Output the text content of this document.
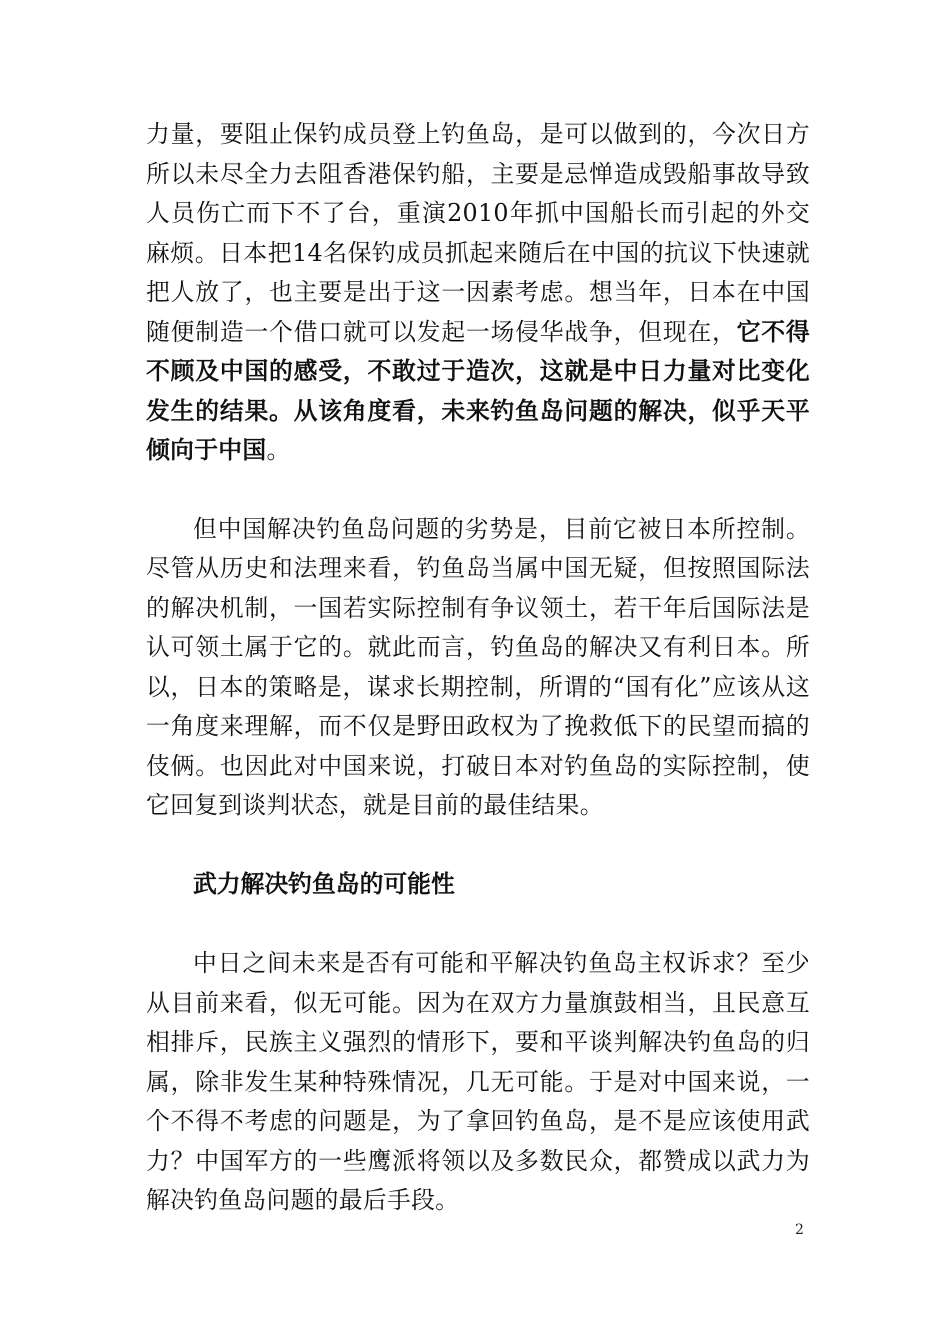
力量，要阻止保钓成员登上钓鱼岛，是可以做到的，今次日方所以未尽全力去阻香港保钓船，主要是忌惮造成毁船事故导致人员伤亡而下不了台，重演2010年抓中国船长而引起的外交麻烦。日本把14名保钓成员抓起来随后在中国的抗议下快速就把人放了，也主要是出于这一因素考虑。想当年，日本在中国随便制造一个借口就可以发起一场侵华战争，但现在，它不得不顾及中国的感受，不敢过于造次，这就是中日力量对比变化发生的结果。从该角度看，未来钓鱼岛问题的解决，似乎天平倾向于中国。

但中国解决钓鱼岛问题的劣势是，目前它被日本所控制。尽管从历史和法理来看，钓鱼岛当属中国无疑，但按照国际法的解决机制，一国若实际控制有争议领土，若干年后国际法是认可领土属于它的。就此而言，钓鱼岛的解决又有利日本。所以，日本的策略是，谋求长期控制，所谓的“国有化”应该从这一角度来理解，而不仅是野田政权为了挽救低下的民望而搞的伎俩。也因此对中国来说，打破日本对钓鱼岛的实际控制，使它回复到谈判状态，就是目前的最佳结果。

武力解决钓鱼岛的可能性

中日之间未来是否有可能和平解决钓鱼岛主权诉求？至少从目前来看，似无可能。因为在双方力量旗鼓相当，且民意互相排斥，民族主义强烈的情形下，要和平谈判解决钓鱼岛的归属，除非发生某种特殊情况，几无可能。于是对中国来说，一个不得不考虑的问题是，为了拿回钓鱼岛，是不是应该使用武力？中国军方的一些鹰派将领以及多数民众，都赞成以武力为解决钓鱼岛问题的最后手段。

2
